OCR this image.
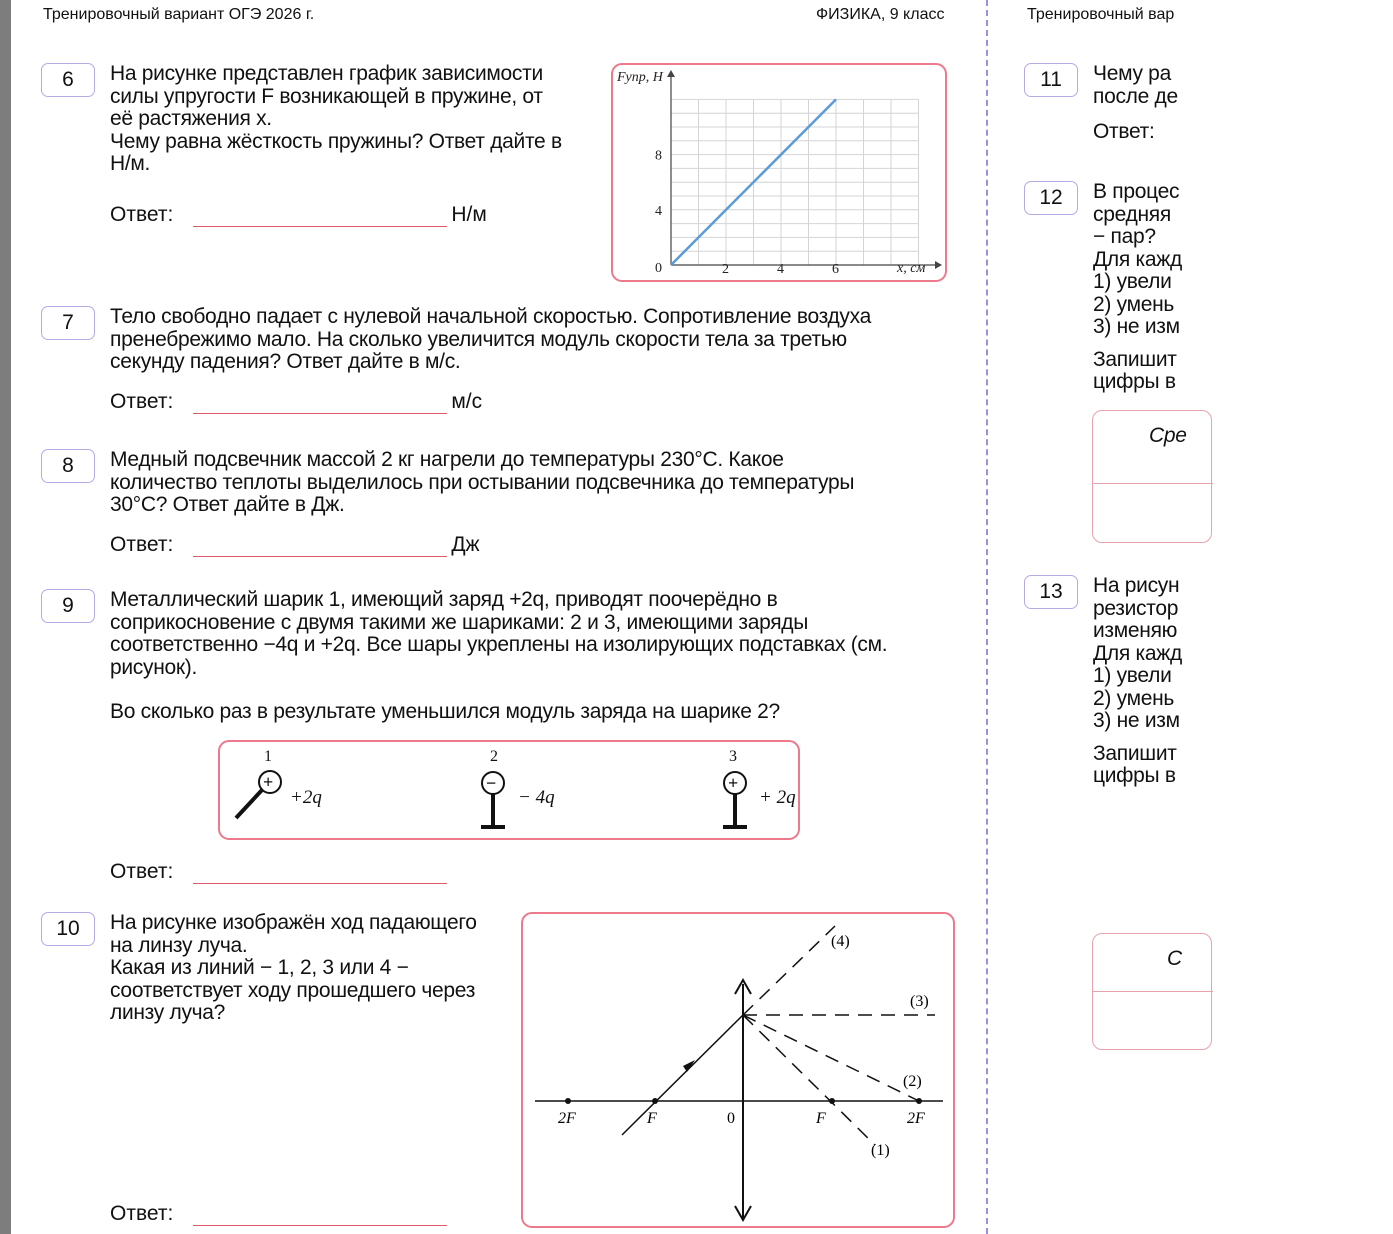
Тренировочный вариант ОГЭ 2026 г.	ФИЗИКА, 9 класс	Тренировочный вар
6	На рисунке представлен график зависимости

силы упругости F возникающей в пружине, от

её растяжения x.

Чему равна жёсткость пружины? Ответ дайте в

Н/м.

Ответ:	Н/м
2	4	6
4
8
Fупр, Н
x, см
0
7	Тело свободно падает с нулевой начальной скоростью. Сопротивление воздуха

пренебрежимо мало. На сколько увеличится модуль скорости тела за третью

секунду падения? Ответ дайте в м/с.

Ответ:	м/с
8	Медный подсвечник массой 2 кг нагрели до температуры 230°С. Какое

количество теплоты выделилось при остывании подсвечника до температуры

30°С? Ответ дайте в Дж.

Ответ:	Дж
9	Металлический шарик 1, имеющий заряд +2q, приводят поочерёдно в

соприкосновение с двумя такими же шариками: 2 и 3, имеющими заряды

соответственно −4q и +2q. Все шары укреплены на изолирующих подставках (см.

рисунок).

Во сколько раз в результате уменьшился модуль заряда на шарике 2?
1
+
+2q
2
−
− 4q
3
+
+ 2q
Ответ:
10	На рисунке изображён ход падающего

на линзу луча.

Какая из линий − 1, 2, 3 или 4 −

соответствует ходу прошедшего через

линзу луча?

2F	F	0	F	2F
(1)
(2)
(3)
(4)
Ответ:
11	Чему ра

после де

Ответ:
12	В процес

средняя

− пар?

Для кажд

1) увели

2) умень

3) не изм

Запишит

цифры в

Сре
13	На рисун

резистор

изменяю

Для кажд

1) увели

2) умень

3) не изм

Запишит

цифры в

С
